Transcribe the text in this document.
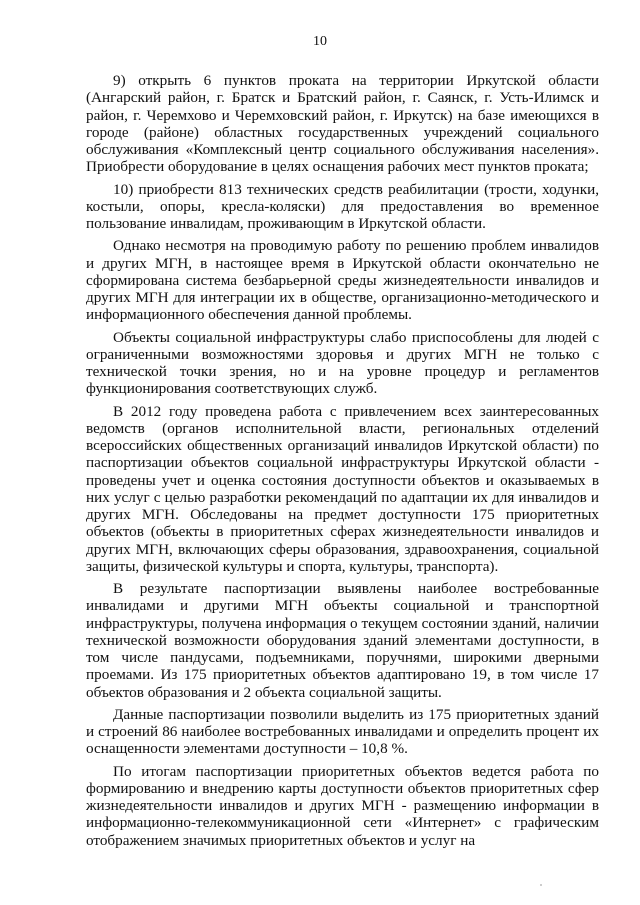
10

9) открыть 6 пунктов проката на территории Иркутской области (Ангарский район, г. Братск и Братский район, г. Саянск, г. Усть-Илимск и район, г. Черемхово и Черемховский район, г. Иркутск) на базе имеющихся в городе (районе) областных государственных учреждений социального обслуживания «Комплексный центр социального обслуживания населения». Приобрести оборудование в целях оснащения рабочих мест пунктов проката;

10) приобрести 813 технических средств реабилитации (трости, ходунки, костыли, опоры, кресла-коляски) для предоставления во временное пользование инвалидам, проживающим в Иркутской области.

Однако несмотря на проводимую работу по решению проблем инвалидов и других МГН, в настоящее время в Иркутской области окончательно не сформирована система безбарьерной среды жизнедеятельности инвалидов и других МГН для интеграции их в обществе, организационно-методического и информационного обеспечения данной проблемы.

Объекты социальной инфраструктуры слабо приспособлены для людей с ограниченными возможностями здоровья и других МГН не только с технической точки зрения, но и на уровне процедур и регламентов функционирования соответствующих служб.

В 2012 году проведена работа с привлечением всех заинтересованных ведомств (органов исполнительной власти, региональных отделений всероссийских общественных организаций инвалидов Иркутской области) по паспортизации объектов социальной инфраструктуры Иркутской области - проведены учет и оценка состояния доступности объектов и оказываемых в них услуг с целью разработки рекомендаций по адаптации их для инвалидов и других МГН. Обследованы на предмет доступности 175 приоритетных объектов (объекты в приоритетных сферах жизнедеятельности инвалидов и других МГН, включающих сферы образования, здравоохранения, социальной защиты, физической культуры и спорта, культуры, транспорта).

В результате паспортизации выявлены наиболее востребованные инвалидами и другими МГН объекты социальной и транспортной инфраструктуры, получена информация о текущем состоянии зданий, наличии технической возможности оборудования зданий элементами доступности, в том числе пандусами, подъемниками, поручнями, широкими дверными проемами. Из 175 приоритетных объектов адаптировано 19, в том числе 17 объектов образования и 2 объекта социальной защиты.

Данные паспортизации позволили выделить из 175 приоритетных зданий и строений 86 наиболее востребованных инвалидами и определить процент их оснащенности элементами доступности – 10,8 %.

По итогам паспортизации приоритетных объектов ведется работа по формированию и внедрению карты доступности объектов приоритетных сфер жизнедеятельности инвалидов и других МГН - размещению информации в информационно-телекоммуникационной сети «Интернет» с графическим отображением значимых приоритетных объектов и услуг на
